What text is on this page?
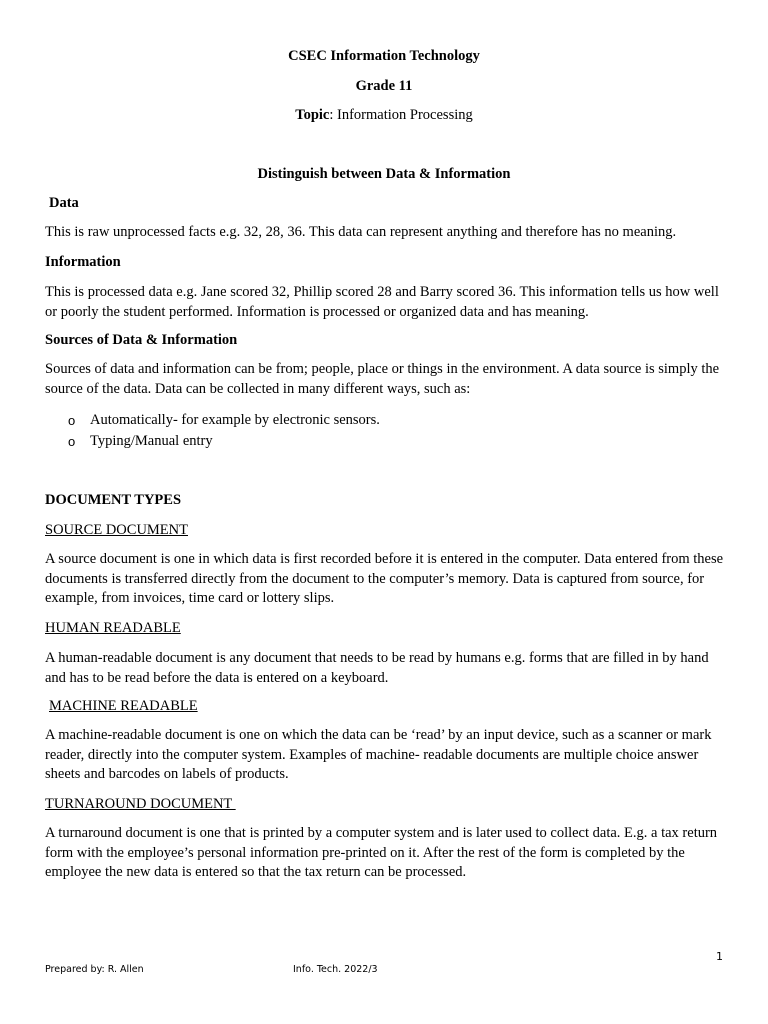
CSEC Information Technology
Grade 11
Topic: Information Processing
Distinguish between Data & Information
Data
This is raw unprocessed facts e.g. 32, 28, 36. This data can represent anything and therefore has no meaning.
Information
This is processed data e.g. Jane scored 32, Phillip scored 28 and Barry scored 36. This information tells us how well or poorly the student performed. Information is processed or organized data and has meaning.
Sources of Data & Information
Sources of data and information can be from; people, place or things in the environment. A data source is simply the source of the data. Data can be collected in many different ways, such as:
o Automatically- for example by electronic sensors.
o Typing/Manual entry
DOCUMENT TYPES
SOURCE DOCUMENT
A source document is one in which data is first recorded before it is entered in the computer. Data entered from these documents is transferred directly from the document to the computer’s memory. Data is captured from source, for example, from invoices, time card or lottery slips.
HUMAN READABLE
A human-readable document is any document that needs to be read by humans e.g. forms that are filled in by hand and has to be read before the data is entered on a keyboard.
MACHINE READABLE
A machine-readable document is one on which the data can be ‘read’ by an input device, such as a scanner or mark reader, directly into the computer system. Examples of machine- readable documents are multiple choice answer sheets and barcodes on labels of products.
TURNAROUND DOCUMENT
A turnaround document is one that is printed by a computer system and is later used to collect data. E.g. a tax return form with the employee’s personal information pre-printed on it. After the rest of the form is completed by the employee the new data is entered so that the tax return can be processed.
1
Prepared by: R. Allen	Info. Tech. 2022/3
